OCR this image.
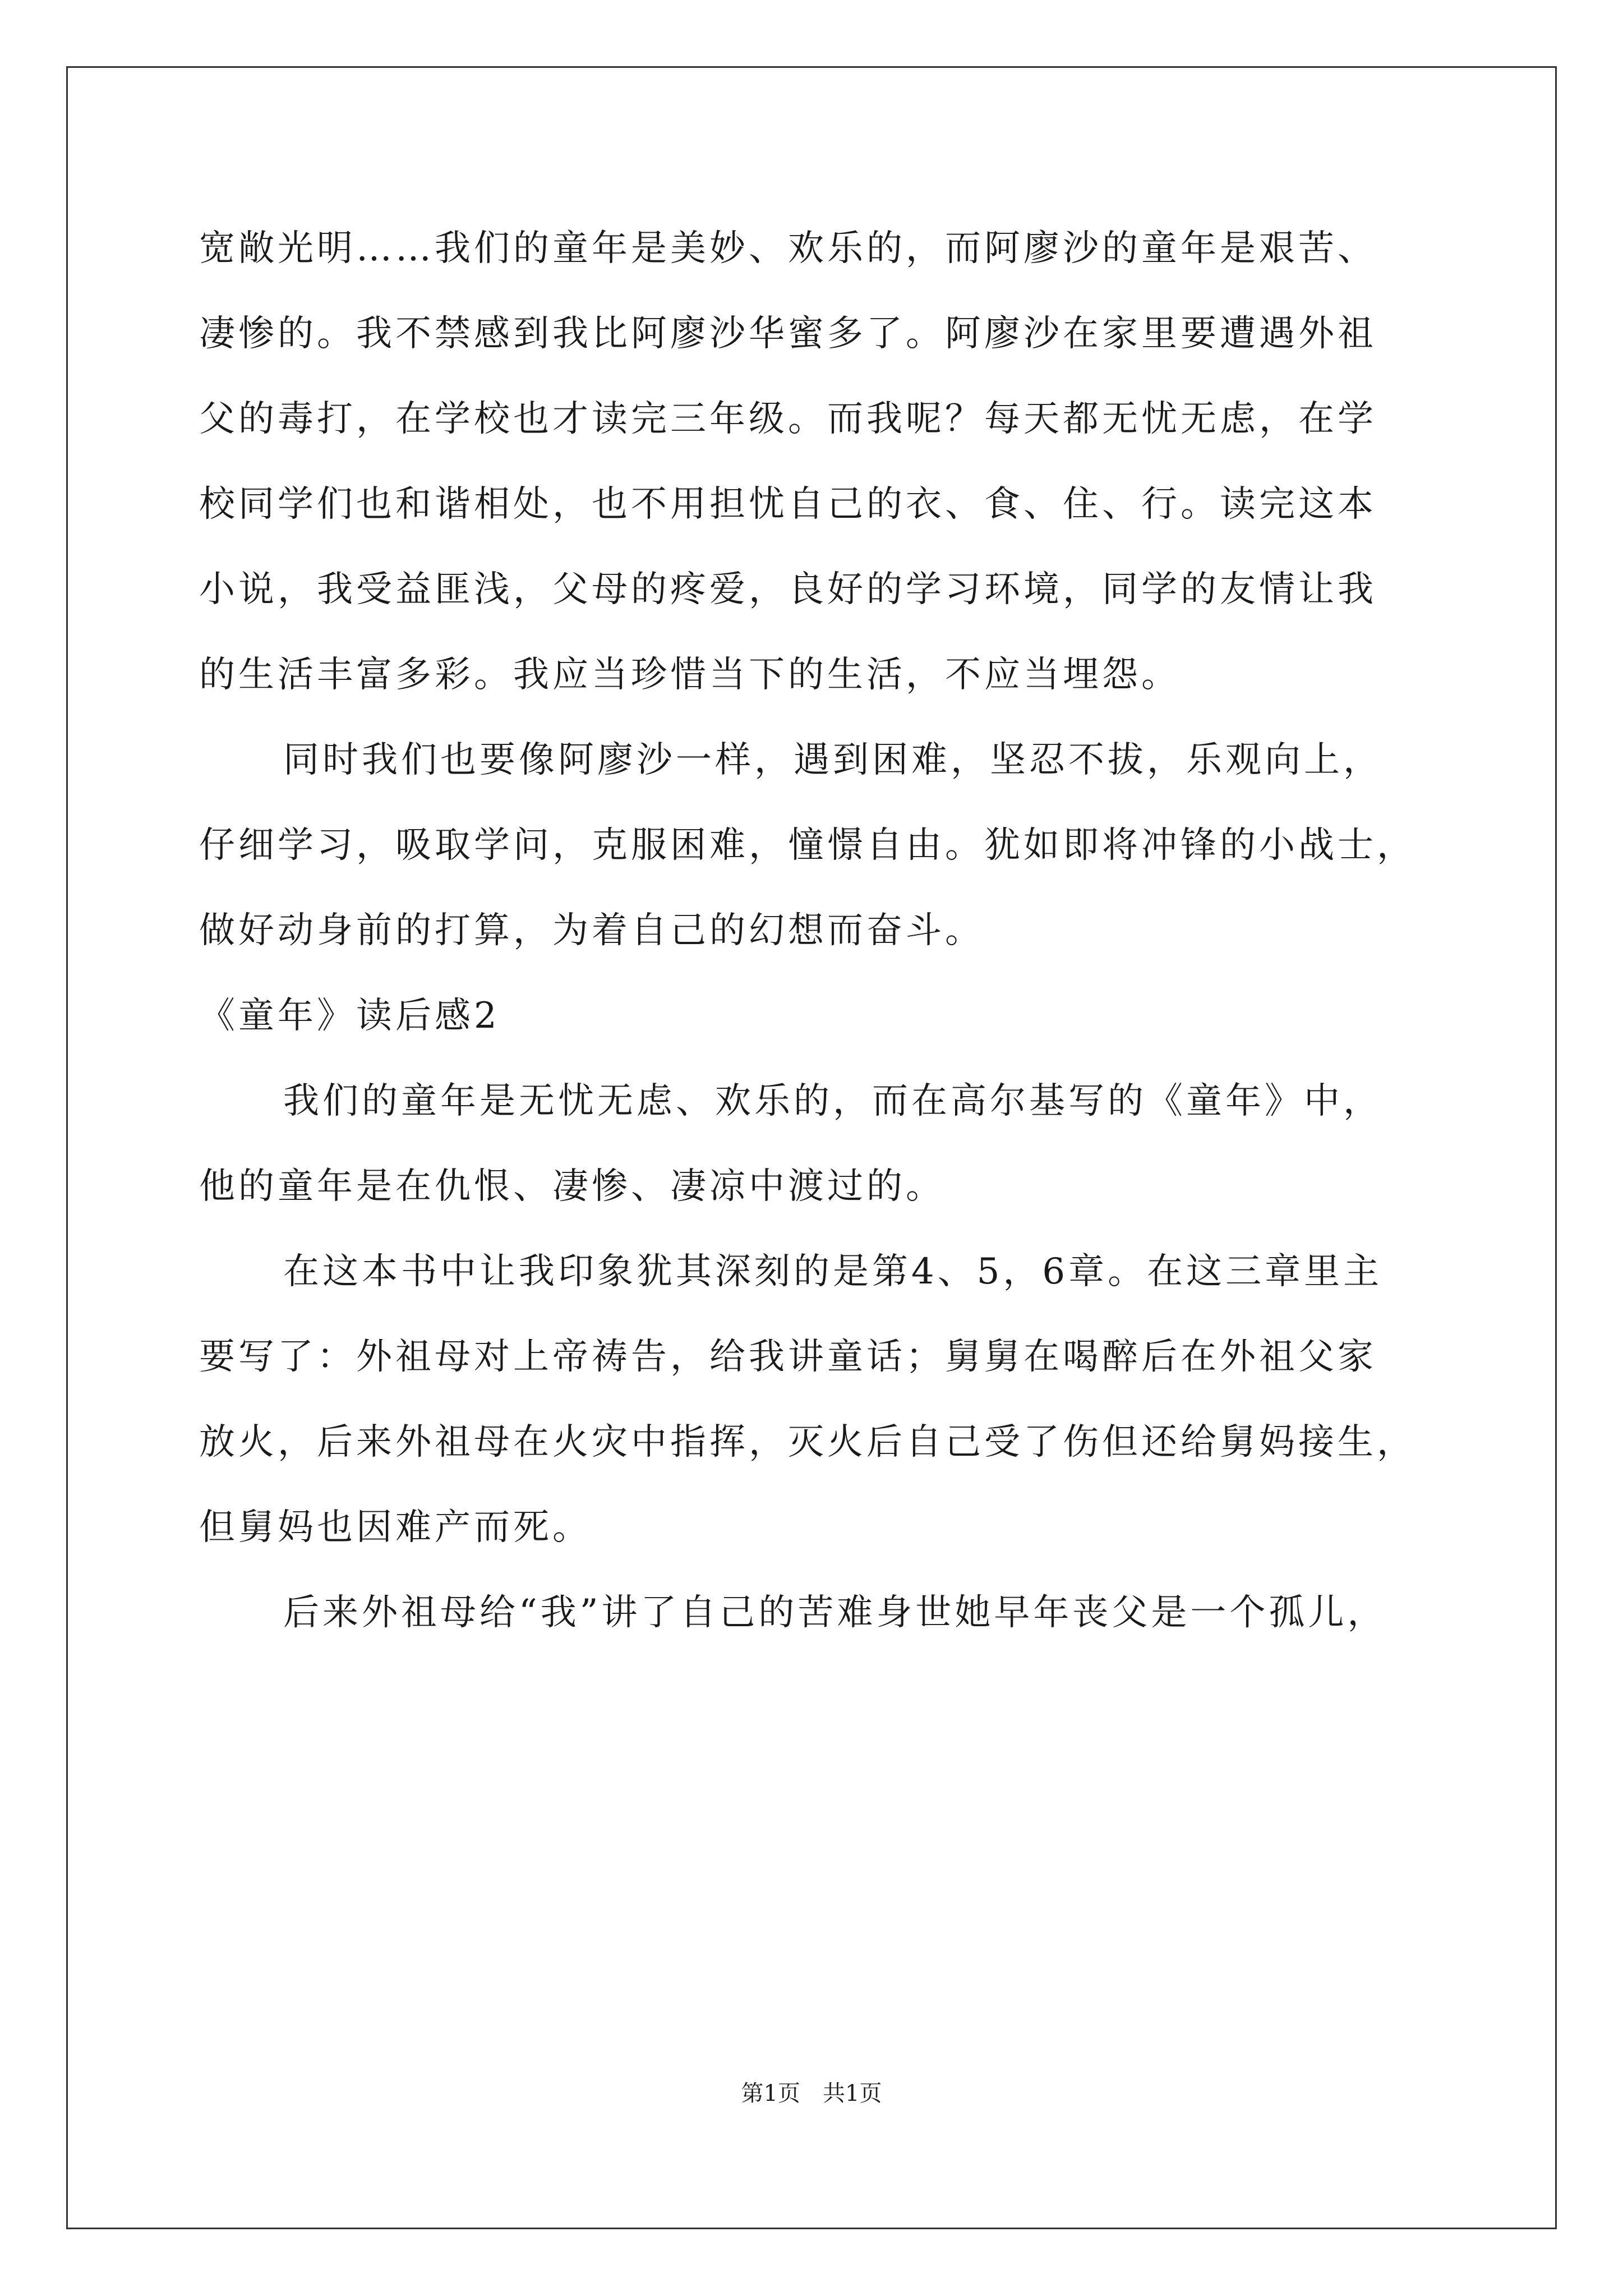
宽敞光明……我们的童年是美妙、欢乐的，而阿廖沙的童年是艰苦、
凄惨的。我不禁感到我比阿廖沙华蜜多了。阿廖沙在家里要遭遇外祖
父的毒打，在学校也才读完三年级。而我呢？每天都无忧无虑，在学
校同学们也和谐相处，也不用担忧自己的衣、食、住、行。读完这本
小说，我受益匪浅，父母的疼爱，良好的学习环境，同学的友情让我
的生活丰富多彩。我应当珍惜当下的生活，不应当埋怨。
同时我们也要像阿廖沙一样，遇到困难，坚忍不拔，乐观向上，
仔细学习，吸取学问，克服困难，憧憬自由。犹如即将冲锋的小战士，
做好动身前的打算，为着自己的幻想而奋斗。
《童年》读后感2
我们的童年是无忧无虑、欢乐的，而在高尔基写的《童年》中，
他的童年是在仇恨、凄惨、凄凉中渡过的。
在这本书中让我印象犹其深刻的是第4、5，6章。在这三章里主
要写了：外祖母对上帝祷告，给我讲童话；舅舅在喝醉后在外祖父家
放火，后来外祖母在火灾中指挥，灭火后自己受了伤但还给舅妈接生，
但舅妈也因难产而死。
后来外祖母给“我”讲了自己的苦难身世她早年丧父是一个孤儿，
第1页　共1页
